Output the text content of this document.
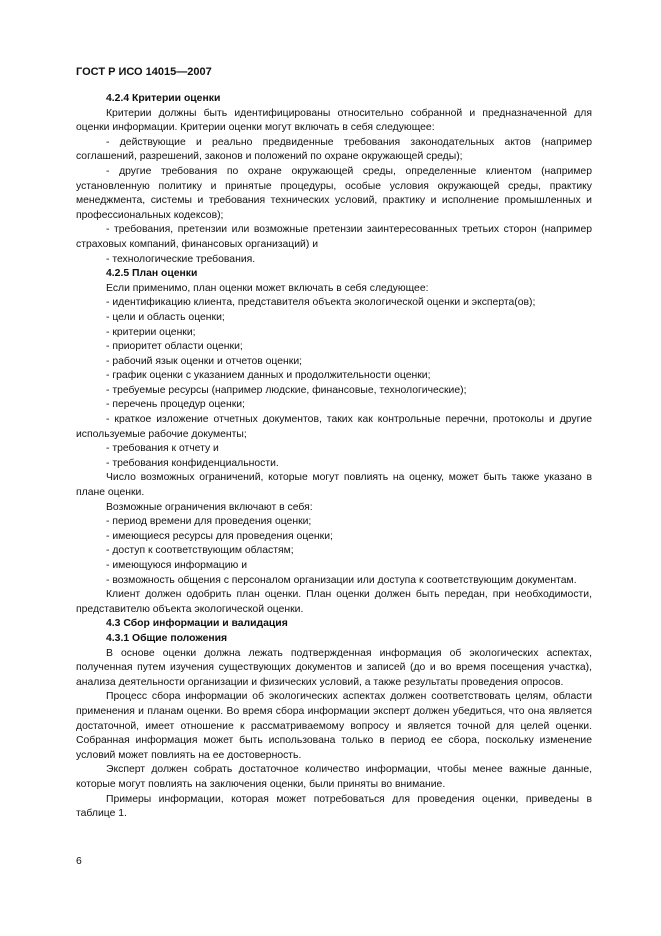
ГОСТ Р ИСО 14015—2007

4.2.4 Критерии оценки

Критерии должны быть идентифицированы относительно собранной и предназначенной для оценки информации. Критерии оценки могут включать в себя следующее:

- действующие и реально предвиденные требования законодательных актов (например соглашений, разрешений, законов и положений по охране окружающей среды);

- другие требования по охране окружающей среды, определенные клиентом (например установленную политику и принятые процедуры, особые условия окружающей среды, практику менеджмента, системы и требования технических условий, практику и исполнение промышленных и профессиональных кодексов);

- требования, претензии или возможные претензии заинтересованных третьих сторон (например страховых компаний, финансовых организаций) и

- технологические требования.

4.2.5 План оценки

Если применимо, план оценки может включать в себя следующее:

- идентификацию клиента, представителя объекта экологической оценки и эксперта(ов);

- цели и область оценки;

- критерии оценки;

- приоритет области оценки;

- рабочий язык оценки и отчетов оценки;

- график оценки с указанием данных и продолжительности оценки;

- требуемые ресурсы (например людские, финансовые, технологические);

- перечень процедур оценки;

- краткое изложение отчетных документов, таких как контрольные перечни, протоколы и другие используемые рабочие документы;

- требования к отчету и

- требования конфиденциальности.

Число возможных ограничений, которые могут повлиять на оценку, может быть также указано в плане оценки.

Возможные ограничения включают в себя:

- период времени для проведения оценки;

- имеющиеся ресурсы для проведения оценки;

- доступ к соответствующим областям;

- имеющуюся информацию и

- возможность общения с персоналом организации или доступа к соответствующим документам.

Клиент должен одобрить план оценки. План оценки должен быть передан, при необходимости, представителю объекта экологической оценки.

4.3 Сбор информации и валидация

4.3.1 Общие положения

В основе оценки должна лежать подтвержденная информация об экологических аспектах, полученная путем изучения существующих документов и записей (до и во время посещения участка), анализа деятельности организации и физических условий, а также результаты проведения опросов.

Процесс сбора информации об экологических аспектах должен соответствовать целям, области применения и планам оценки. Во время сбора информации эксперт должен убедиться, что она является достаточной, имеет отношение к рассматриваемому вопросу и является точной для целей оценки. Собранная информация может быть использована только в период ее сбора, поскольку изменение условий может повлиять на ее достоверность.

Эксперт должен собрать достаточное количество информации, чтобы менее важные данные, которые могут повлиять на заключения оценки, были приняты во внимание.

Примеры информации, которая может потребоваться для проведения оценки, приведены в таблице 1.

6
